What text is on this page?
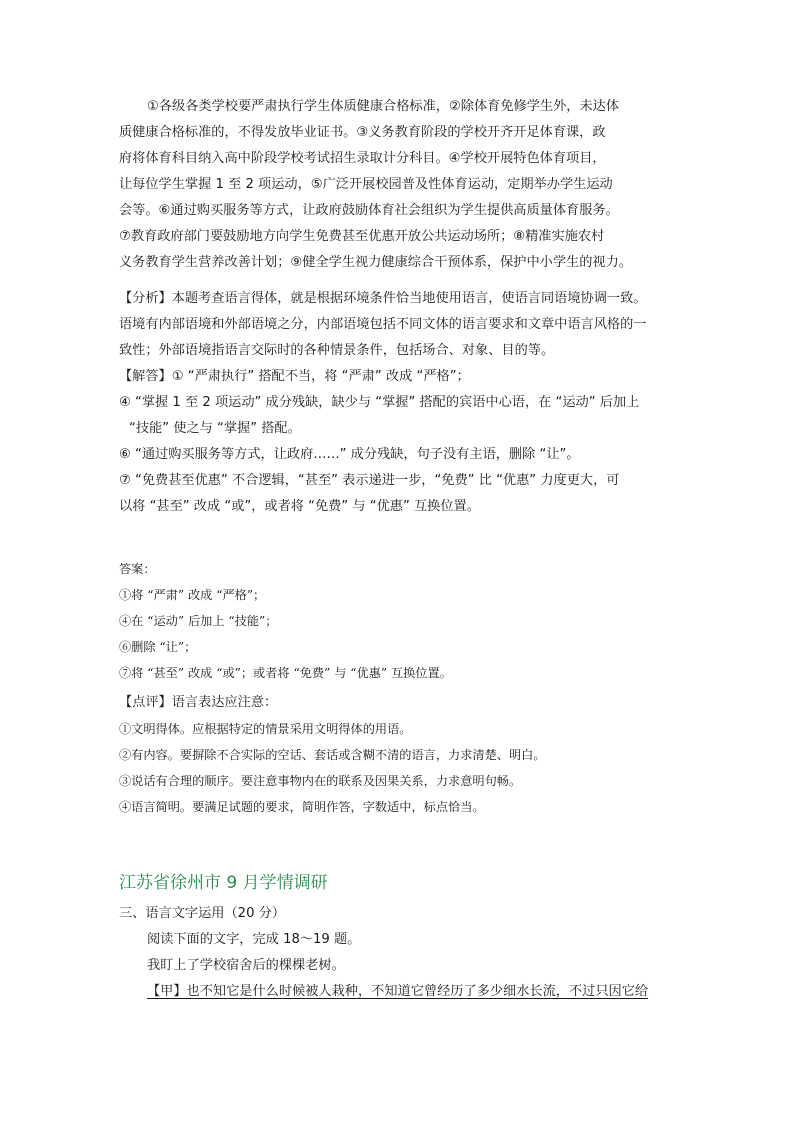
①各级各类学校要严肃执行学生体质健康合格标准，②除体育免修学生外，未达体
质健康合格标准的，不得发放毕业证书。③义务教育阶段的学校开齐开足体育课，政
府将体育科目纳入高中阶段学校考试招生录取计分科目。④学校开展特色体育项目，
让每位学生掌握 1 至 2 项运动，⑤广泛开展校园普及性体育运动，定期举办学生运动
会等。⑥通过购买服务等方式，让政府鼓励体育社会组织为学生提供高质量体育服务。
⑦教育政府部门要鼓励地方向学生免费甚至优惠开放公共运动场所；⑧精准实施农村
义务教育学生营养改善计划；⑨健全学生视力健康综合干预体系，保护中小学生的视力。
【分析】本题考查语言得体，就是根据环境条件恰当地使用语言，使语言同语境协调一致。
语境有内部语境和外部语境之分，内部语境包括不同文体的语言要求和文章中语言风格的一
致性；外部语境指语言交际时的各种情景条件，包括场合、对象、目的等。
【解答】① “严肃执行” 搭配不当，将 “严肃” 改成 “严格”；
④ “掌握 1 至 2 项运动” 成分残缺，缺少与 “掌握” 搭配的宾语中心语，在 “运动” 后加上
“技能” 使之与 “掌握” 搭配。
⑥ “通过购买服务等方式，让政府……” 成分残缺，句子没有主语，删除 “让”。
⑦ “免费甚至优惠” 不合逻辑，“甚至” 表示递进一步，“免费” 比 “优惠” 力度更大，可
以将 “甚至” 改成 “或”，或者将 “免费” 与 “优惠” 互换位置。
答案：
①将 “严肃” 改成 “严格”；
④在 “运动” 后加上 “技能”；
⑥删除 “让”；
⑦将 “甚至” 改成 “或”；或者将 “免费” 与 “优惠” 互换位置。
【点评】语言表达应注意：
①文明得体。应根据特定的情景采用文明得体的用语。
②有内容。要摒除不合实际的空话、套话或含糊不清的语言，力求清楚、明白。
③说话有合理的顺序。要注意事物内在的联系及因果关系，力求意明句畅。
④语言简明。要满足试题的要求，简明作答，字数适中，标点恰当。
江苏省徐州市 9 月学情调研
三、语言文字运用（20 分）
阅读下面的文字，完成 18～19 题。
我盯上了学校宿舍后的棵棵老树。
【甲】也不知它是什么时候被人栽种，不知道它曾经历了多少细水长流，不过只因它给
